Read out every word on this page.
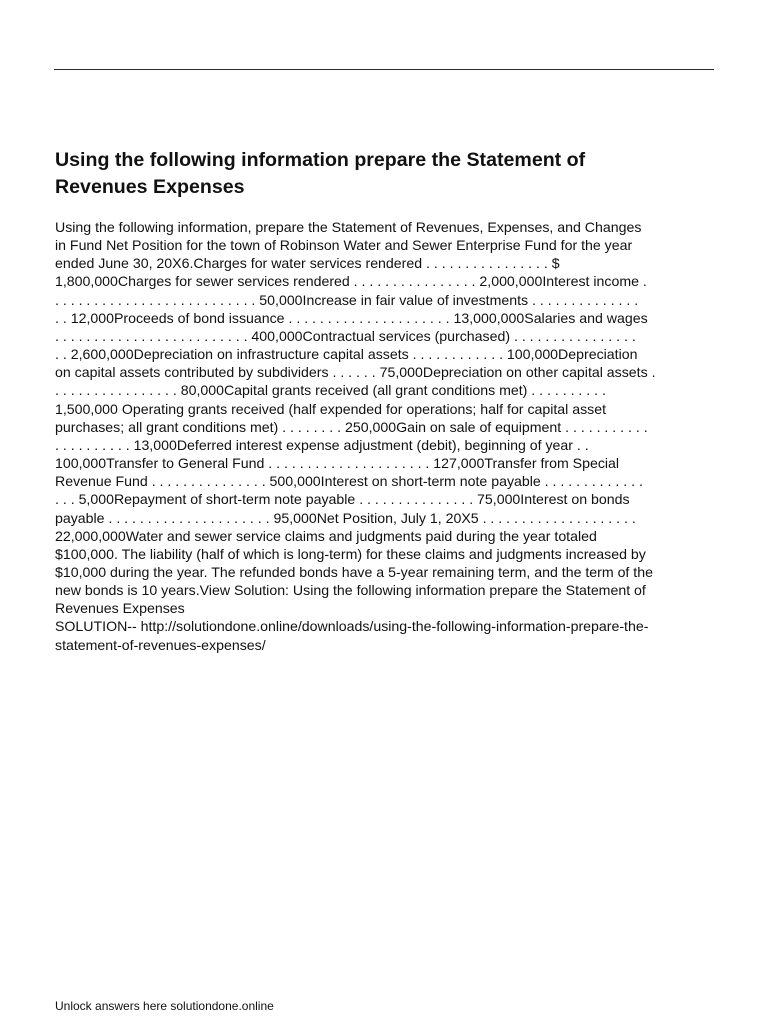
Using the following information prepare the Statement of
Revenues Expenses
Using the following information, prepare the Statement of Revenues, Expenses, and Changes
in Fund Net Position for the town of Robinson Water and Sewer Enterprise Fund for the year
ended June 30, 20X6.Charges for water services rendered . . . . . . . . . . . . . . . . $
1,800,000Charges for sewer services rendered . . . . . . . . . . . . . . . . 2,000,000Interest income .
. . . . . . . . . . . . . . . . . . . . . . . . . . 50,000Increase in fair value of investments . . . . . . . . . . . . . .
. . 12,000Proceeds of bond issuance . . . . . . . . . . . . . . . . . . . . . 13,000,000Salaries and wages
. . . . . . . . . . . . . . . . . . . . . . . . . 400,000Contractual services (purchased) . . . . . . . . . . . . . . . .
. . 2,600,000Depreciation on infrastructure capital assets . . . . . . . . . . . . 100,000Depreciation
on capital assets contributed by subdividers . . . . . . 75,000Depreciation on other capital assets .
. . . . . . . . . . . . . . . . 80,000Capital grants received (all grant conditions met) . . . . . . . . . .
1,500,000 Operating grants received (half expended for operations; half for capital asset
purchases; all grant conditions met) . . . . . . . . 250,000Gain on sale of equipment . . . . . . . . . . .
. . . . . . . . . . 13,000Deferred interest expense adjustment (debit), beginning of year . .
100,000Transfer to General Fund . . . . . . . . . . . . . . . . . . . . . 127,000Transfer from Special
Revenue Fund . . . . . . . . . . . . . . . 500,000Interest on short-term note payable . . . . . . . . . . . . .
. . . 5,000Repayment of short-term note payable . . . . . . . . . . . . . . . 75,000Interest on bonds
payable . . . . . . . . . . . . . . . . . . . . . 95,000Net Position, July 1, 20X5 . . . . . . . . . . . . . . . . . . . .
22,000,000Water and sewer service claims and judgments paid during the year totaled
$100,000. The liability (half of which is long-term) for these claims and judgments increased by
$10,000 during the year. The refunded bonds have a 5-year remaining term, and the term of the
new bonds is 10 years.View Solution: Using the following information prepare the Statement of
Revenues Expenses
SOLUTION-- http://solutiondone.online/downloads/using-the-following-information-prepare-the-
statement-of-revenues-expenses/

Unlock answers here solutiondone.online
